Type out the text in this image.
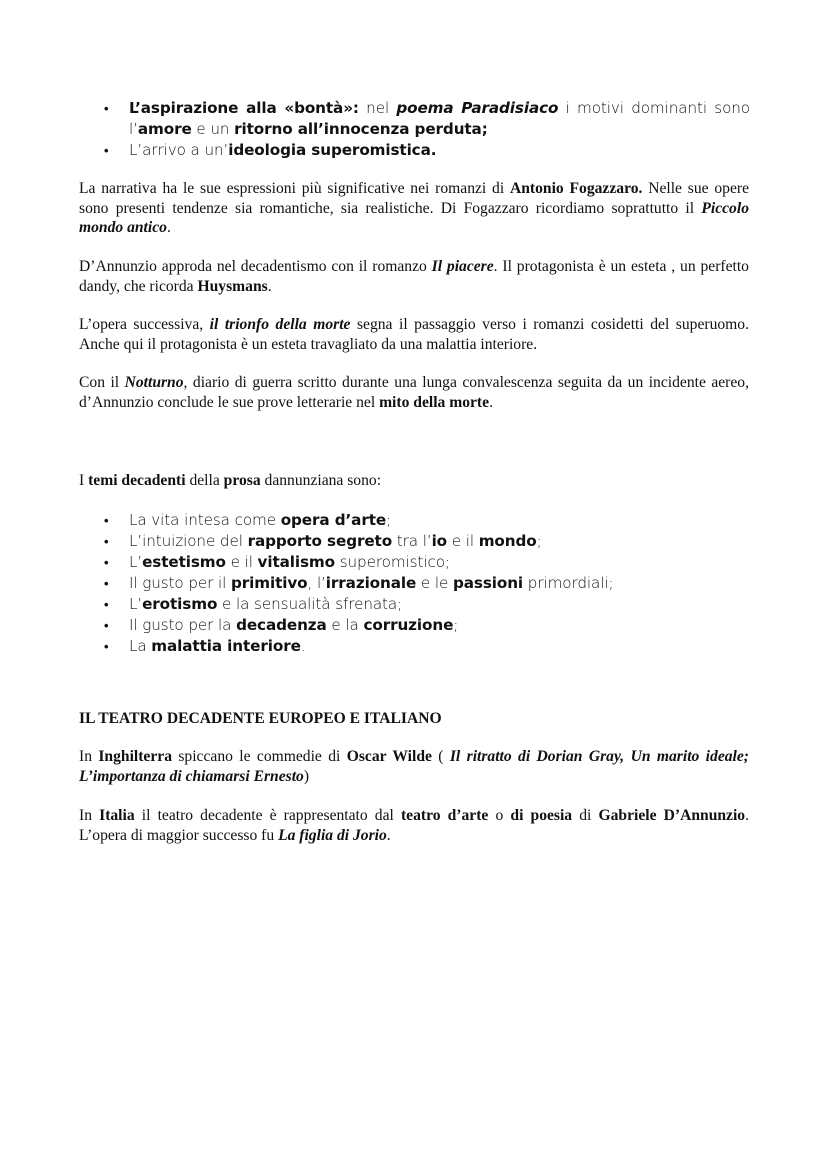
• L’aspirazione alla «bontà»: nel poema Paradisiaco i motivi dominanti sono l’amore e un ritorno all’innocenza perduta;
• L’arrivo a un’ideologia superomistica.

La narrativa ha le sue espressioni più significative nei romanzi di Antonio Fogazzaro. Nelle sue opere sono presenti tendenze sia romantiche, sia realistiche. Di Fogazzaro ricordiamo soprattutto il Piccolo mondo antico.

D’Annunzio approda nel decadentismo con il romanzo Il piacere. Il protagonista è un esteta , un perfetto dandy, che ricorda Huysmans.

L’opera successiva, il trionfo della morte segna il passaggio verso i romanzi cosidetti del superuomo. Anche qui il protagonista è un esteta travagliato da una malattia interiore.

Con il Notturno, diario di guerra scritto durante una lunga convalescenza seguita da un incidente aereo, d’Annunzio conclude le sue prove letterarie nel mito della morte.

I temi decadenti della prosa dannunziana sono:

• La vita intesa come opera d’arte;
• L’intuizione del rapporto segreto tra l’io e il mondo;
• L’estetismo e il vitalismo superomistico;
• Il gusto per il primitivo, l’irrazionale e le passioni primordiali;
• L’erotismo e la sensualità sfrenata;
• Il gusto per la decadenza e la corruzione;
• La malattia interiore.
IL TEATRO DECADENTE EUROPEO E ITALIANO

In Inghilterra spiccano le commedie di Oscar Wilde ( Il ritratto di Dorian Gray, Un marito ideale; L’importanza di chiamarsi Ernesto)

In Italia il teatro decadente è rappresentato dal teatro d’arte o di poesia di Gabriele D’Annunzio. L’opera di maggior successo fu La figlia di Jorio.
